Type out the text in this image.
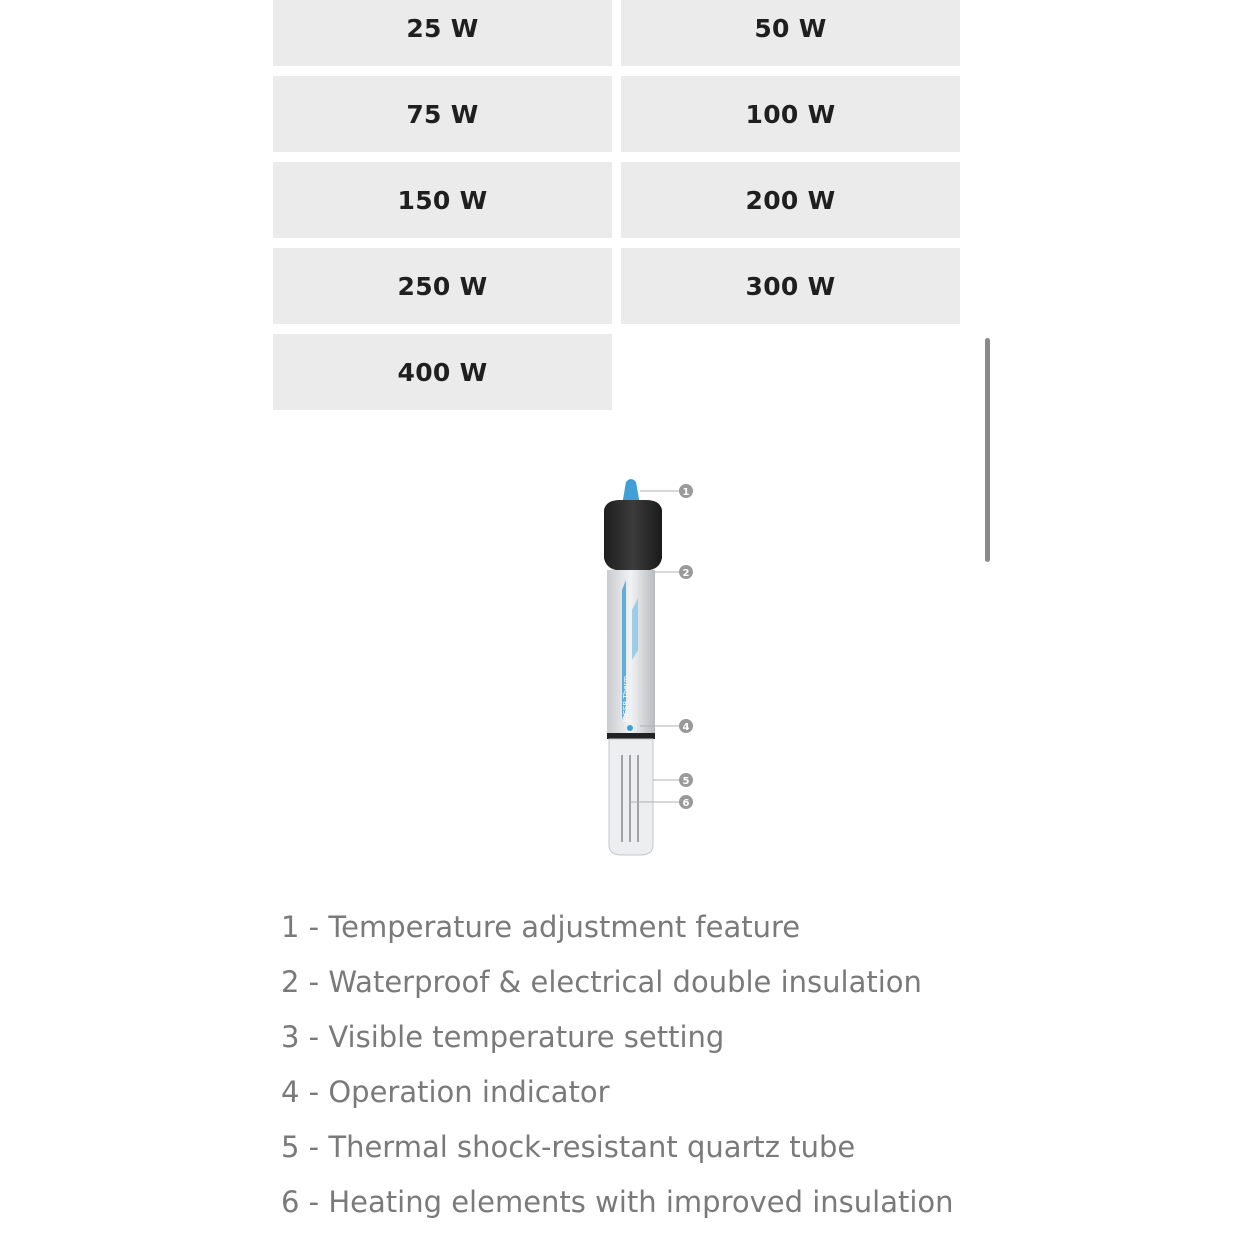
25 W	50 W
75 W	100 W
150 W	200 W
250 W	300 W
400 W
1
2
4
5
6
JÄGER Therm
1 - Temperature adjustment feature
2 - Waterproof & electrical double insulation
3 - Visible temperature setting
4 - Operation indicator
5 - Thermal shock-resistant quartz tube
6 - Heating elements with improved insulation
